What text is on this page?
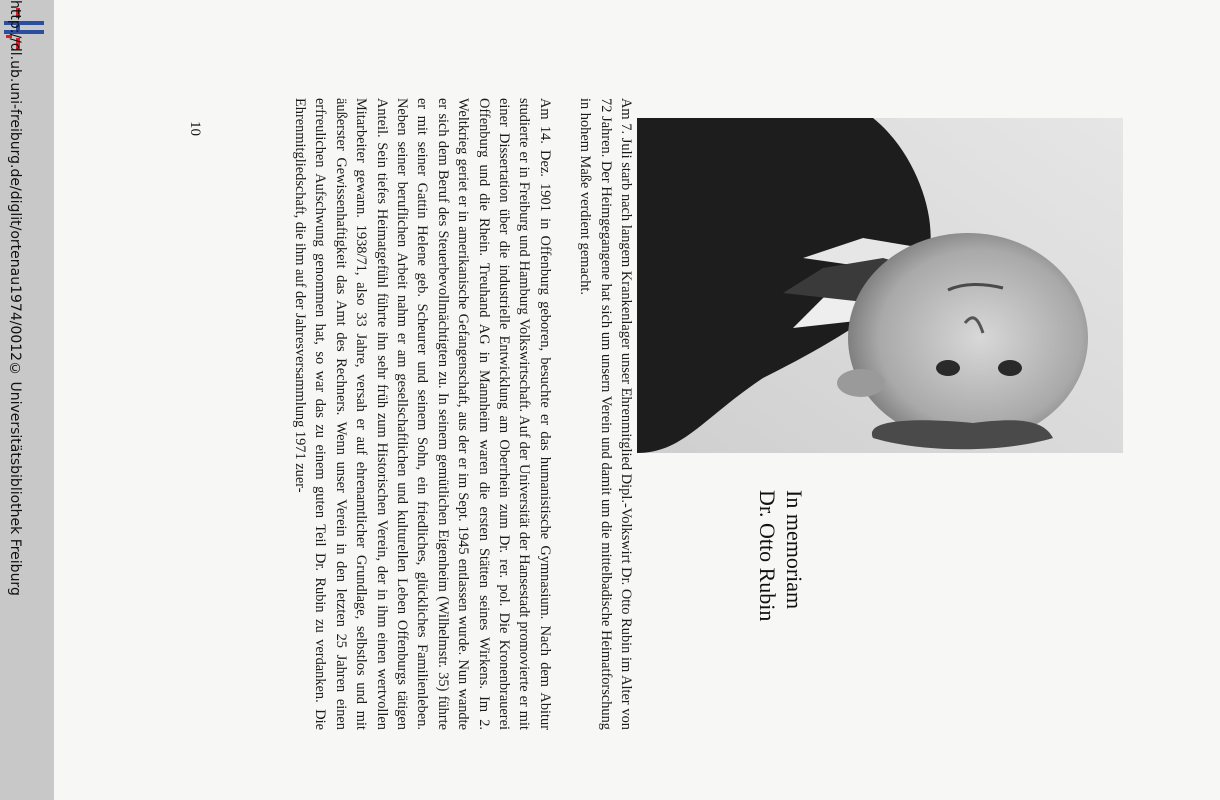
http://dl.ub.uni-freiburg.de/diglit/ortenau1974/0012
© Universitätsbibliothek Freiburg	In memoriam
Dr. Otto Rubin

Am 7. Juli starb nach langem Krankenlager unser Ehrenmitglied Dipl.-Volkswirt Dr. Otto Rubin im Alter von 72 Jahren. Der Heimgegangene hat sich um unsern Verein und damit um die mittelbadische Heimatforschung in hohem Maße verdient gemacht.

Am 14. Dez. 1901 in Offenburg geboren, besuchte er das humanistische Gymnasium. Nach dem Abitur studierte er in Freiburg und Hamburg Volkswirtschaft. Auf der Universität der Hansestadt promovierte er mit einer Dissertation über die industrielle Entwicklung am Oberrhein zum Dr. rer. pol. Die Kronenbrauerei Offenburg und die Rhein. Treuhand AG in Mannheim waren die ersten Stätten seines Wirkens. Im 2. Weltkrieg geriet er in amerikanische Gefangenschaft, aus der er im Sept. 1945 entlassen wurde. Nun wandte er sich dem Beruf des Steuerbevollmächtigten zu. In seinem gemütlichen Eigenheim (Wilhelmstr. 35) führte er mit seiner Gattin Helene geb. Scheurer und seinem Sohn, ein friedliches, glückliches Familienleben. Neben seiner beruflichen Arbeit nahm er am gesellschaftlichen und kulturellen Leben Offenburgs tätigen Anteil. Sein tiefes Heimatgefühl führte ihn sehr früh zum Historischen Verein, der in ihm einen wertvollen Mitarbeiter gewann. 1938/71, also 33 Jahre, versah er auf ehrenamtlicher Grundlage, selbstlos und mit äußerster Gewissenhaftigkeit das Amt des Rechners. Wenn unser Verein in den letzten 25 Jahren einen erfreulichen Aufschwung genommen hat, so war das zu einem guten Teil Dr. Rubin zu verdanken. Die Ehrenmitgliedschaft, die ihm auf der Jahresversammlung 1971 zuer-

10
